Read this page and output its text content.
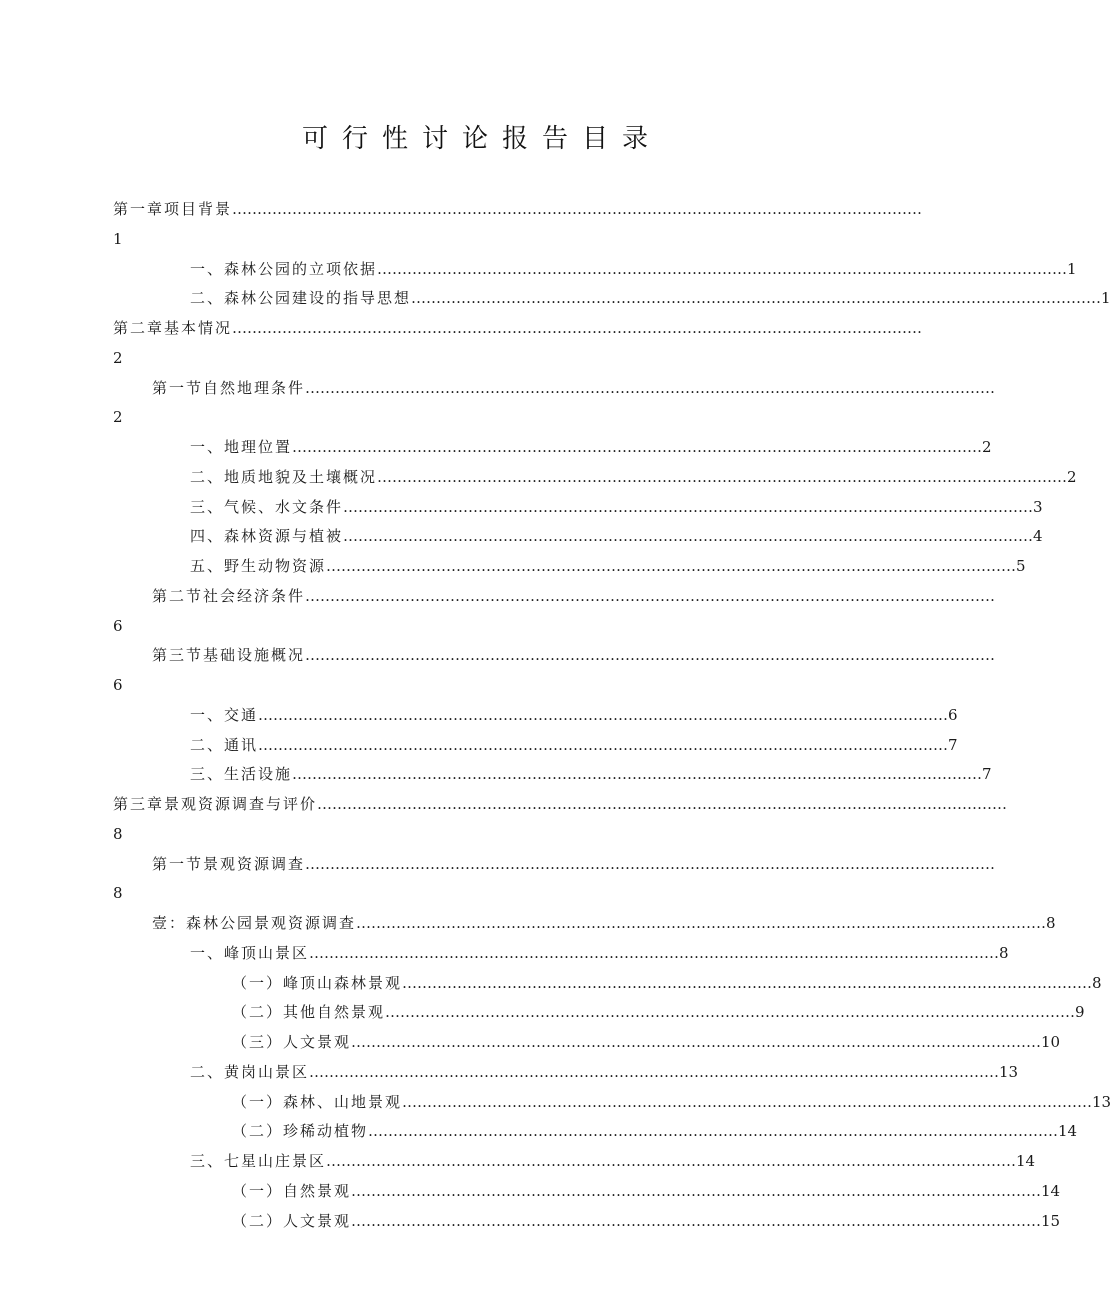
可行性讨论报告目录
第一章 项目背景 …………………………………………………………………………………………………………………………
1
一、森林公园的立项依据 ………………………………………………………………………………………………………………………… 1
二、森林公园建设的指导思想 ………………………………………………………………………………………………………………………… 1
第二章 基本情况 …………………………………………………………………………………………………………………………
2
第一节 自然地理条件 …………………………………………………………………………………………………………………………
2
一、地理位置 ………………………………………………………………………………………………………………………… 2
二、地质地貌及土壤概况 ………………………………………………………………………………………………………………………… 2
三、气候、水文条件 ………………………………………………………………………………………………………………………… 3
四、森林资源与植被 ………………………………………………………………………………………………………………………… 4
五、野生动物资源 ………………………………………………………………………………………………………………………… 5
第二节 社会经济条件 …………………………………………………………………………………………………………………………
6
第三节 基础设施概况 …………………………………………………………………………………………………………………………
6
一、交通 ………………………………………………………………………………………………………………………… 6
二、通讯 ………………………………………………………………………………………………………………………… 7
三、生活设施 ………………………………………………………………………………………………………………………… 7
第三章 景观资源调查与评价 …………………………………………………………………………………………………………………………
8
第一节 景观资源调查 …………………………………………………………………………………………………………………………
8
壹：森林公园景观资源调查 ………………………………………………………………………………………………………………………… 8
一、峰顶山景区 ………………………………………………………………………………………………………………………… 8
（一）峰顶山森林景观 ………………………………………………………………………………………………………………………… 8
（二）其他自然景观 ………………………………………………………………………………………………………………………… 9
（三）人文景观 ………………………………………………………………………………………………………………………… 10
二、黄岗山景区 ………………………………………………………………………………………………………………………… 13
（一）森林、山地景观 ………………………………………………………………………………………………………………………… 13
（二）珍稀动植物 ………………………………………………………………………………………………………………………… 14
三、七星山庄景区 ………………………………………………………………………………………………………………………… 14
（一）自然景观 ………………………………………………………………………………………………………………………… 14
（二）人文景观 ………………………………………………………………………………………………………………………… 15
